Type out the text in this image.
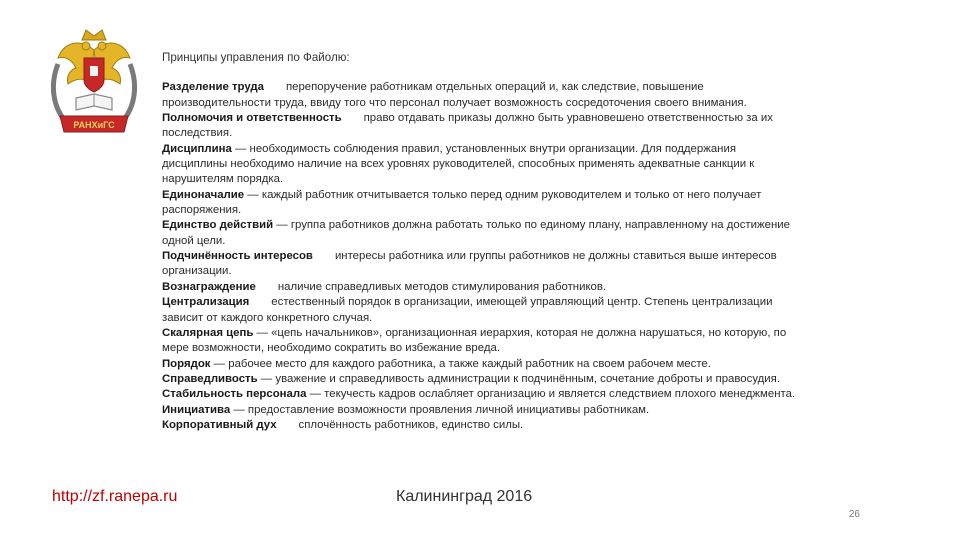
РАНХиГС

Принципы управления по Файолю:

Разделение труда перепоручение работникам отдельных операций и, как следствие, повышение производительности труда, ввиду того что персонал получает возможность сосредоточения своего внимания.

Полномочия и ответственность право отдавать приказы должно быть уравновешено ответственностью за их последствия.

Дисциплина — необходимость соблюдения правил, установленных внутри организации. Для поддержания дисциплины необходимо наличие на всех уровнях руководителей, способных применять адекватные санкции к нарушителям порядка.

Единоначалие — каждый работник отчитывается только перед одним руководителем и только от него получает распоряжения.

Единство действий — группа работников должна работать только по единому плану, направленному на достижение одной цели.

Подчинённость интересов интересы работника или группы работников не должны ставиться выше интересов организации.

Вознаграждение наличие справедливых методов стимулирования работников.

Централизация естественный порядок в организации, имеющей управляющий центр. Степень централизации зависит от каждого конкретного случая.

Скалярная цепь — «цепь начальников», организационная иерархия, которая не должна нарушаться, но которую, по мере возможности, необходимо сократить во избежание вреда.

Порядок — рабочее место для каждого работника, а также каждый работник на своем рабочем месте.

Справедливость — уважение и справедливость администрации к подчинённым, сочетание доброты и правосудия.

Стабильность персонала — текучесть кадров ослабляет организацию и является следствием плохого менеджмента.

Инициатива — предоставление возможности проявления личной инициативы работникам.

Корпоративный дух сплочённость работников, единство силы.

http://zf.ranepa.ru	Калининград 2016
26
